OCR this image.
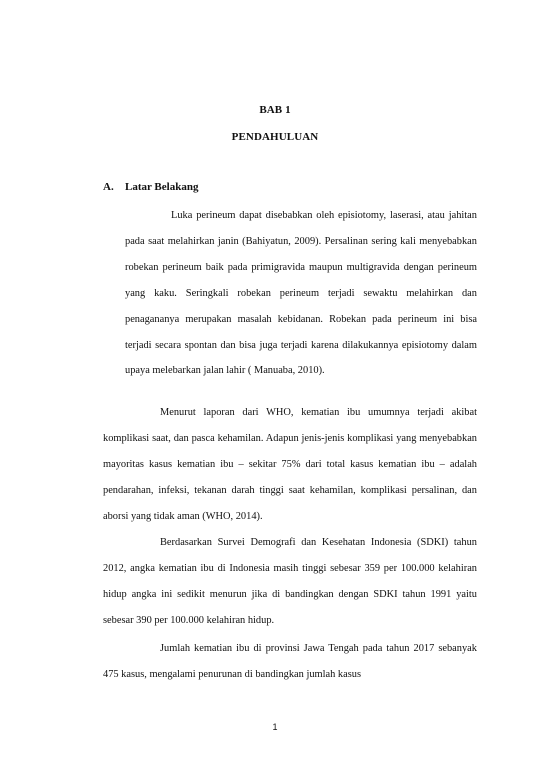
BAB 1
PENDAHULUAN
A. Latar Belakang

Luka perineum dapat disebabkan oleh episiotomy, laserasi, atau jahitan pada saat melahirkan janin (Bahiyatun, 2009). Persalinan sering kali menyebabkan robekan perineum baik pada primigravida maupun multigravida dengan perineum yang kaku. Seringkali robekan perineum terjadi sewaktu melahirkan dan penagananya merupakan masalah kebidanan. Robekan pada perineum ini bisa terjadi secara spontan dan bisa juga terjadi karena dilakukannya episiotomy dalam upaya melebarkan jalan lahir ( Manuaba, 2010).

Menurut laporan dari WHO, kematian ibu umumnya terjadi akibat komplikasi saat, dan pasca kehamilan. Adapun jenis-jenis komplikasi yang menyebabkan mayoritas kasus kematian ibu – sekitar 75% dari total kasus kematian ibu – adalah pendarahan, infeksi, tekanan darah tinggi saat kehamilan, komplikasi persalinan, dan aborsi yang tidak aman (WHO, 2014).

Berdasarkan Survei Demografi dan Kesehatan Indonesia (SDKI) tahun 2012, angka kematian ibu di Indonesia masih tinggi sebesar 359 per 100.000 kelahiran hidup angka ini sedikit menurun jika di bandingkan dengan SDKI tahun 1991 yaitu sebesar 390 per 100.000 kelahiran hidup.

Jumlah kematian ibu di provinsi Jawa Tengah pada tahun 2017 sebanyak 475 kasus, mengalami penurunan di bandingkan jumlah kasus

1
